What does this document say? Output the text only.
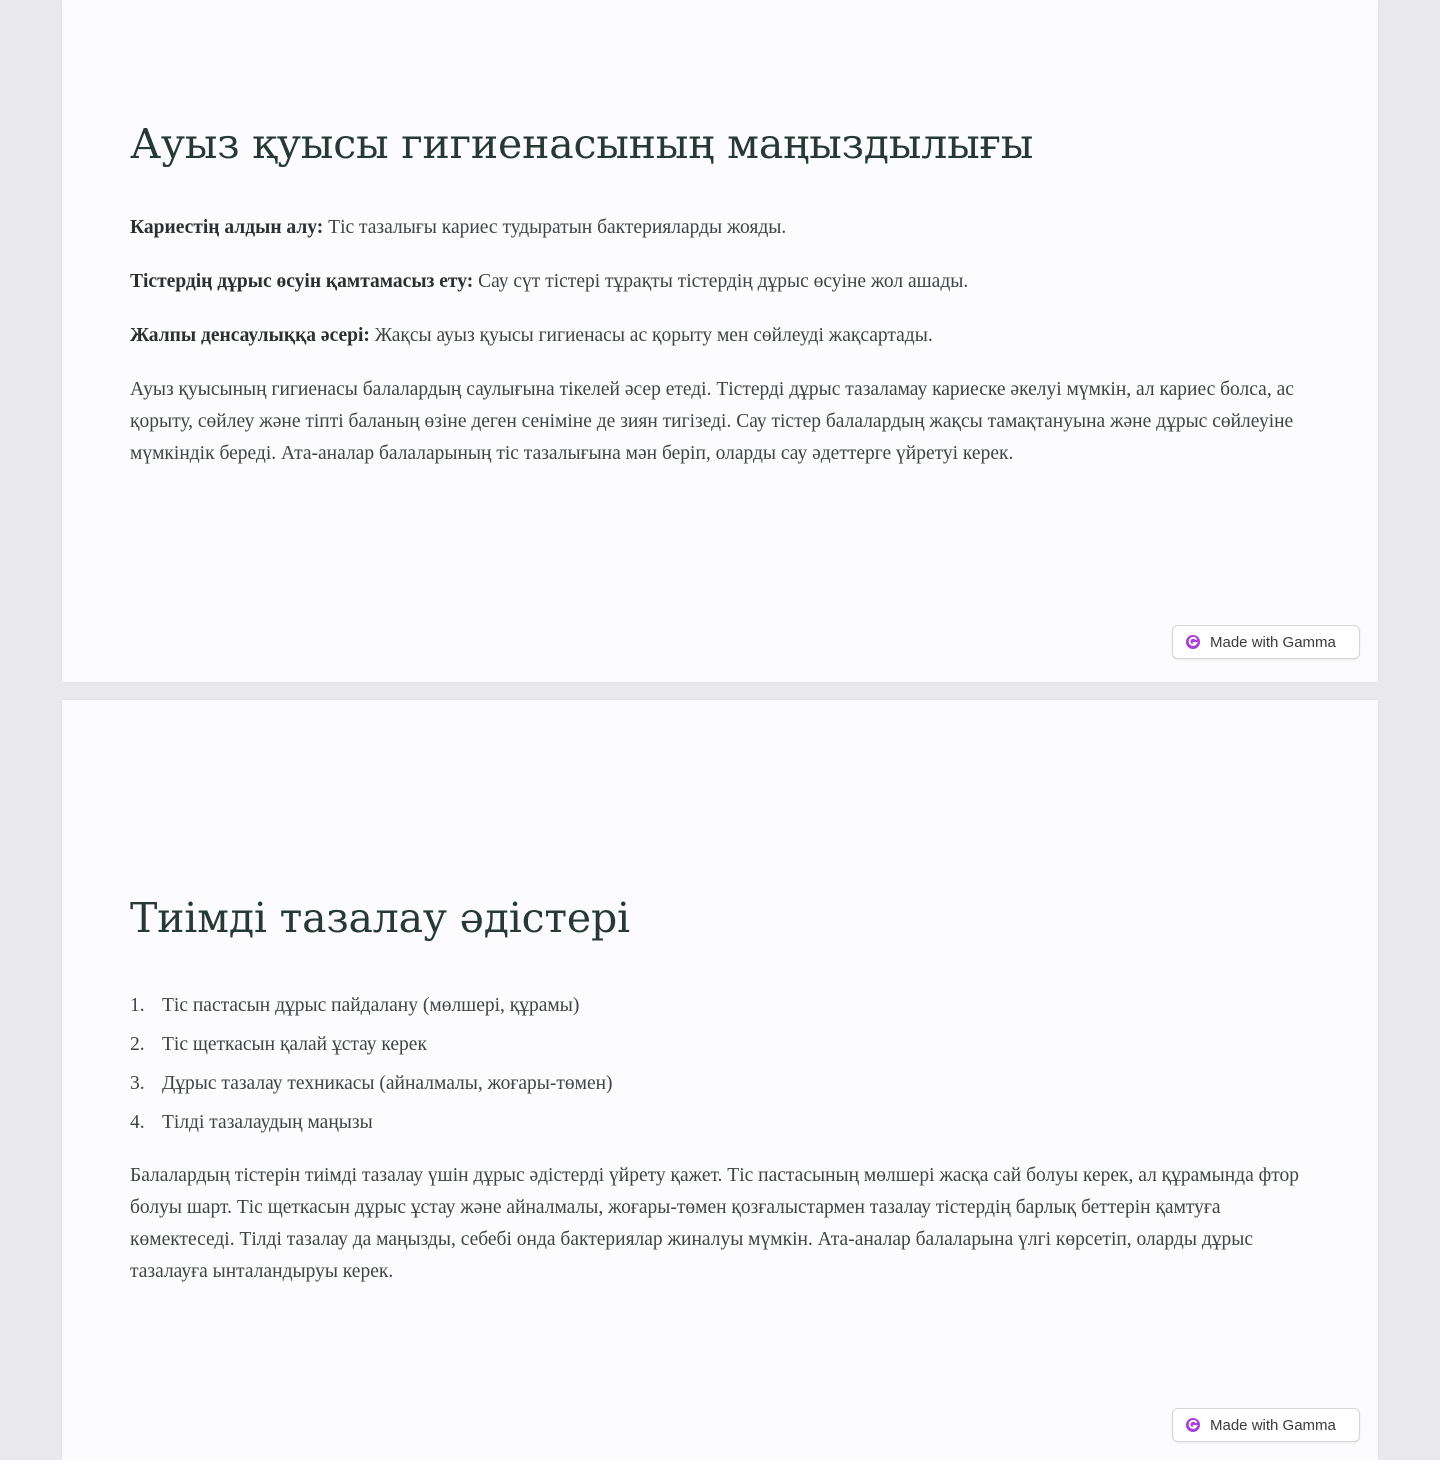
Ауыз қуысы гигиенасының маңыздылығы

Кариестің алдын алу: Тіс тазалығы кариес тудыратын бактерияларды жояды.

Тістердің дұрыс өсуін қамтамасыз ету: Сау сүт тістері тұрақты тістердің дұрыс өсуіне жол ашады.

Жалпы денсаулыққа әсері: Жақсы ауыз қуысы гигиенасы ас қорыту мен сөйлеуді жақсартады.

Ауыз қуысының гигиенасы балалардың саулығына тікелей әсер етеді. Тістерді дұрыс тазаламау кариеске әкелуі мүмкін, ал кариес болса, ас қорыту, сөйлеу және тіпті баланың өзіне деген сеніміне де зиян тигізеді. Сау тістер балалардың жақсы тамақтануына және дұрыс сөйлеуіне мүмкіндік береді. Ата-аналар балаларының тіс тазалығына мән беріп, оларды сау әдеттерге үйретуі керек.

Made with Gamma
Тиімді тазалау әдістері
1. Тіс пастасын дұрыс пайдалану (мөлшері, құрамы)
2. Тіс щеткасын қалай ұстау керек
3. Дұрыс тазалау техникасы (айналмалы, жоғары-төмен)
4. Тілді тазалаудың маңызы

Балалардың тістерін тиімді тазалау үшін дұрыс әдістерді үйрету қажет. Тіс пастасының мөлшері жасқа сай болуы керек, ал құрамында фтор болуы шарт. Тіс щеткасын дұрыс ұстау және айналмалы, жоғары-төмен қозғалыстармен тазалау тістердің барлық беттерін қамтуға көмектеседі. Тілді тазалау да маңызды, себебі онда бактериялар жиналуы мүмкін. Ата-аналар балаларына үлгі көрсетіп, оларды дұрыс тазалауға ынталандыруы керек.

Made with Gamma
